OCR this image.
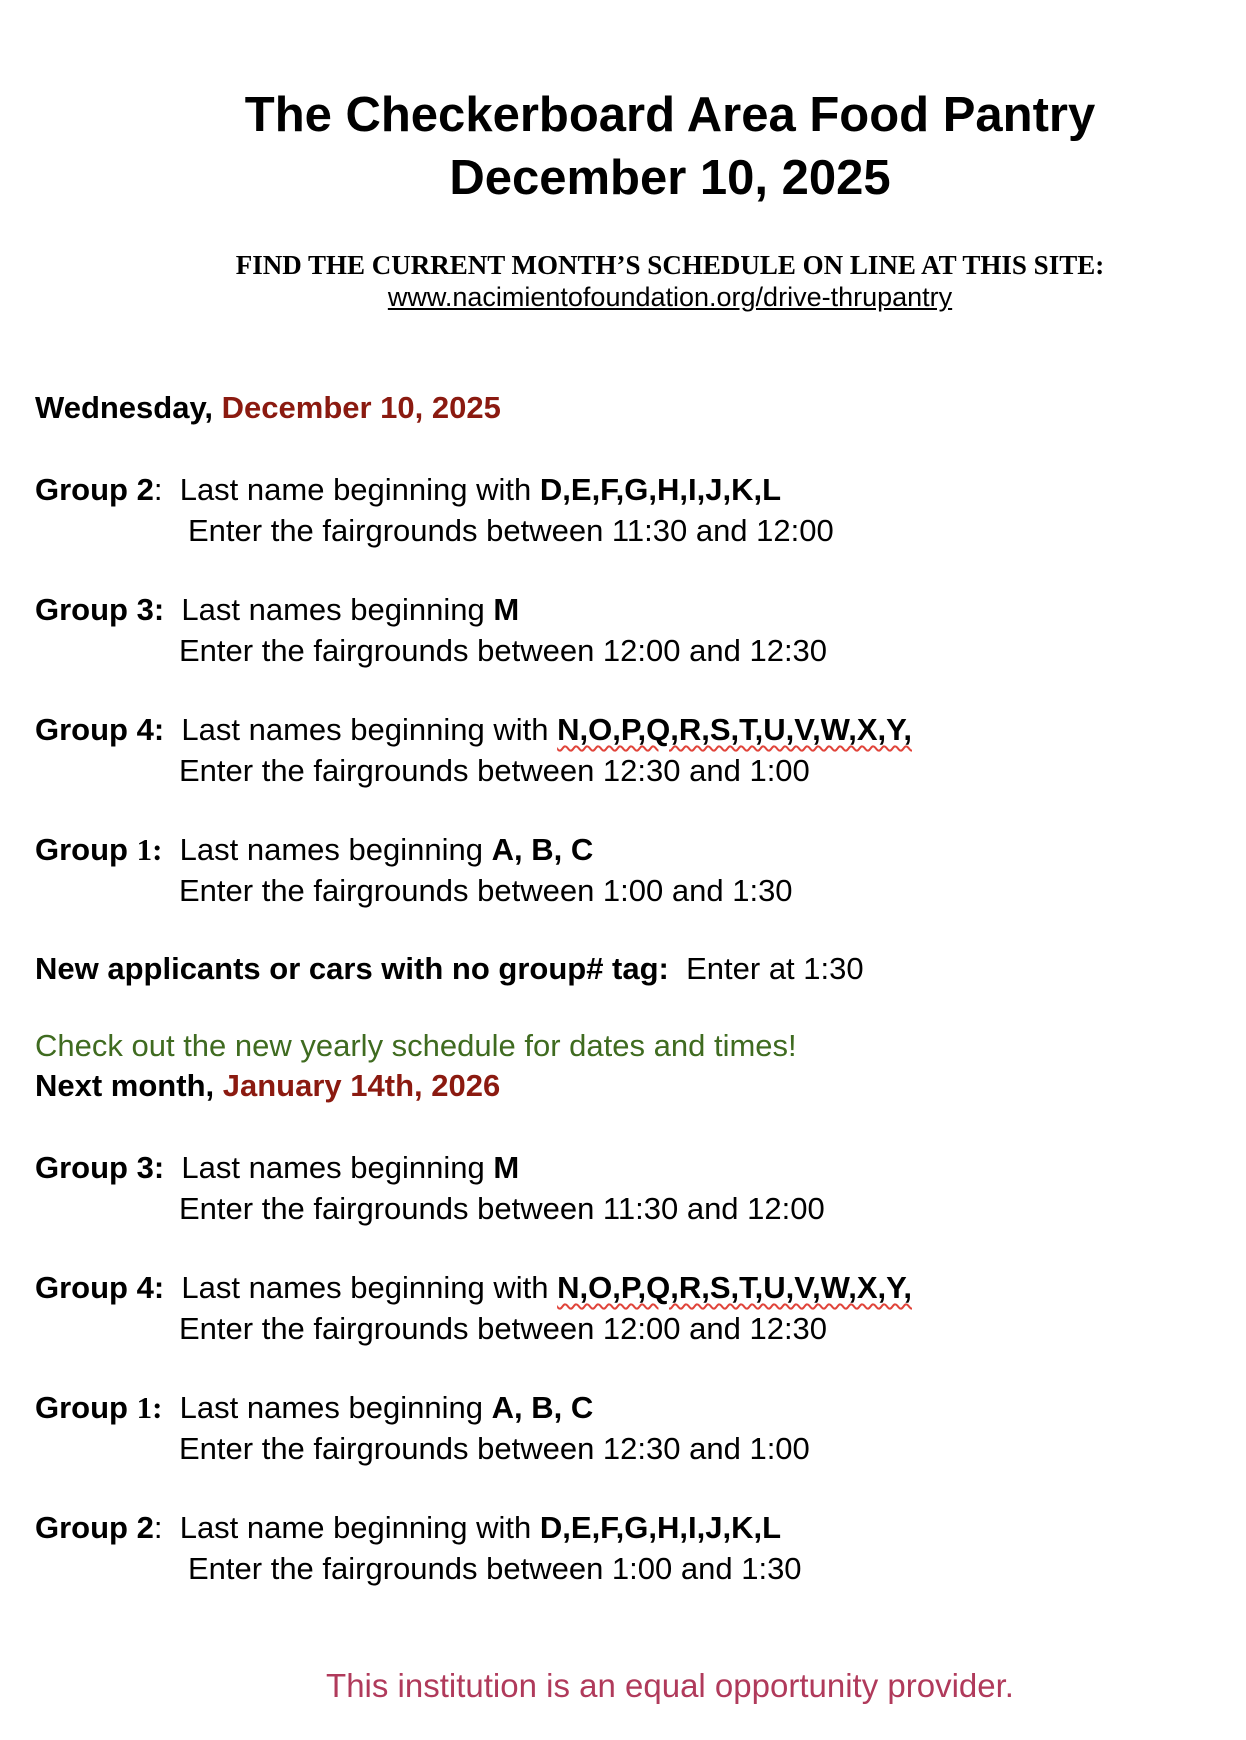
The Checkerboard Area Food Pantry
December 10, 2025
FIND THE CURRENT MONTH’S SCHEDULE ON LINE AT THIS SITE:
www.nacimientofoundation.org/drive-thrupantry
Wednesday, December 10, 2025
Group 2: Last name beginning with D,E,F,G,H,I,J,K,L
Enter the fairgrounds between 11:30 and 12:00
Group 3: Last names beginning M
Enter the fairgrounds between 12:00 and 12:30
Group 4: Last names beginning with N,O,P,Q,R,S,T,U,V,W,X,Y,
Enter the fairgrounds between 12:30 and 1:00
Group 1: Last names beginning A, B, C
Enter the fairgrounds between 1:00 and 1:30
New applicants or cars with no group# tag: Enter at 1:30
Check out the new yearly schedule for dates and times!
Next month, January 14th, 2026
Group 3: Last names beginning M
Enter the fairgrounds between 11:30 and 12:00
Group 4: Last names beginning with N,O,P,Q,R,S,T,U,V,W,X,Y,
Enter the fairgrounds between 12:00 and 12:30
Group 1: Last names beginning A, B, C
Enter the fairgrounds between 12:30 and 1:00
Group 2: Last name beginning with D,E,F,G,H,I,J,K,L
Enter the fairgrounds between 1:00 and 1:30
This institution is an equal opportunity provider.
